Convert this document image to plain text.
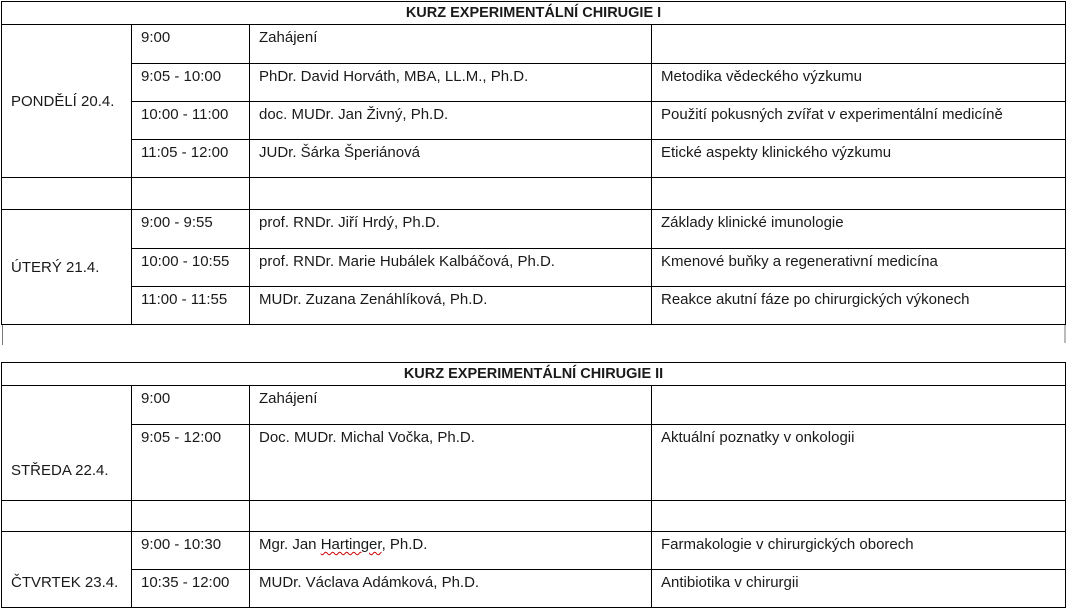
KURZ EXPERIMENTÁLNÍ CHIRUGIE I			
PONDĚLÍ 20.4.	9:00	Zahájení	

	9:05 - 10:00	PhDr. David Horváth, MBA, LL.M., Ph.D.	Metodika vědeckého výzkumu

	10:00 - 11:00	doc. MUDr. Jan Živný, Ph.D.	Použití pokusných zvířat v experimentální medicíně

	11:05 - 12:00	JUDr. Šárka Šperiánová	Etické aspekty klinického výzkumu

ÚTERÝ 21.4.	9:00 - 9:55	prof. RNDr. Jiří Hrdý, Ph.D.	Základy klinické imunologie

	10:00 - 10:55	prof. RNDr. Marie Hubálek Kalbáčová, Ph.D.	Kmenové buňky a regenerativní medicína

	11:00 - 11:55	MUDr. Zuzana Zenáhlíková, Ph.D.	Reakce akutní fáze po chirurgických výkonech
KURZ EXPERIMENTÁLNÍ CHIRUGIE II			

STŘEDA 22.4.	9:00	Zahájení	

	9:05 - 12:00	Doc. MUDr. Michal Vočka, Ph.D.	Aktuální poznatky v onkologii

ČTVRTEK 23.4.	9:00 - 10:30	Mgr. Jan Hartinger, Ph.D.	Farmakologie v chirurgických oborech

	10:35 - 12:00	MUDr. Václava Adámková, Ph.D.	Antibiotika v chirurgii
